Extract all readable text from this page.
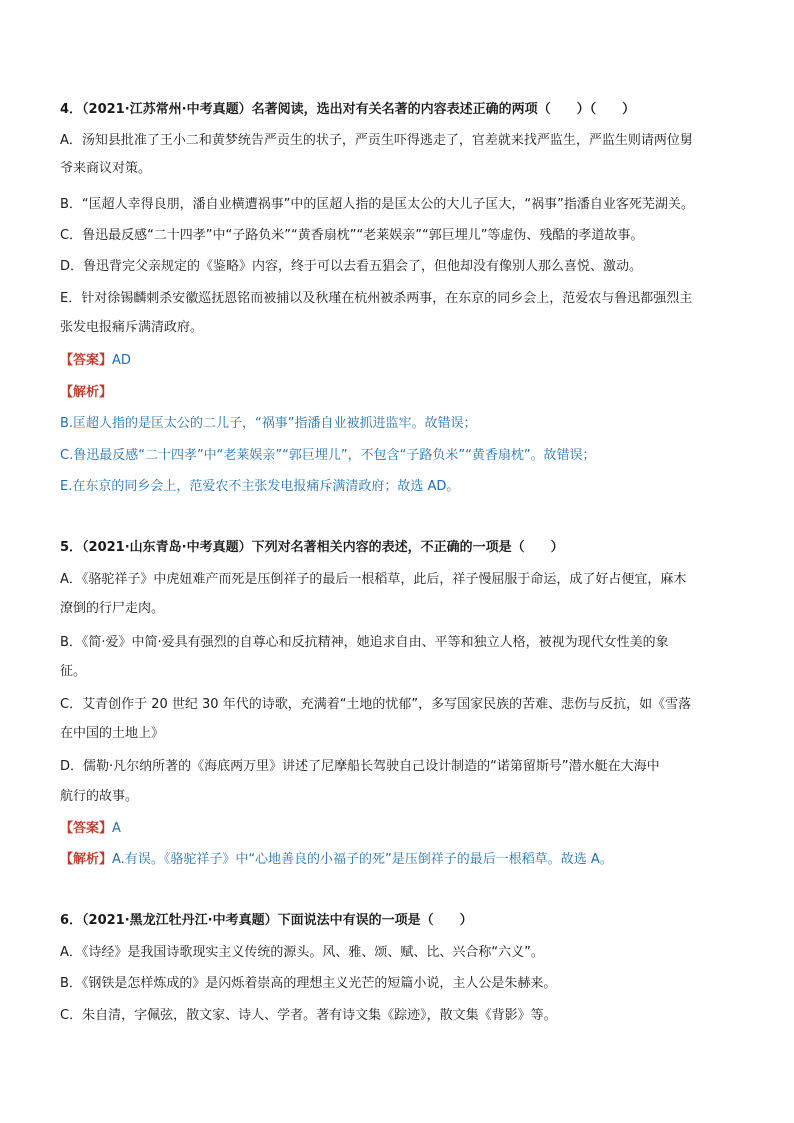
4．（2021·江苏常州·中考真题）名著阅读，选出对有关名著的内容表述正确的两项（　　）（　　）
A．汤知县批准了王小二和黄梦统告严贡生的状子，严贡生吓得逃走了，官差就来找严监生，严监生则请两位舅
爷来商议对策。
B．“匡超人幸得良朋，潘自业横遭祸事”中的匡超人指的是匡太公的大儿子匡大，“祸事”指潘自业客死芜湖关。
C．鲁迅最反感“二十四孝”中“子路负米”“黄香扇枕”“老莱娱亲”“郭巨埋儿”等虚伪、残酷的孝道故事。
D．鲁迅背完父亲规定的《鉴略》内容，终于可以去看五猖会了，但他却没有像别人那么喜悦、激动。
E．针对徐锡麟刺杀安徽巡抚恩铭而被捕以及秋瑾在杭州被杀两事，在东京的同乡会上，范爱农与鲁迅都强烈主
张发电报痛斥满清政府。
【答案】AD
【解析】
B.匡超人指的是匡太公的二儿子，“祸事”指潘自业被抓进监牢。故错误；
C.鲁迅最反感“二十四孝”中“老莱娱亲”“郭巨埋儿”，不包含“子路负米”“黄香扇枕”。故错误；
E.在东京的同乡会上，范爱农不主张发电报痛斥满清政府；故选 AD。
5．（2021·山东青岛·中考真题）下列对名著相关内容的表述，不正确的一项是（　　）
A．《骆驼祥子》中虎妞难产而死是压倒祥子的最后一根稻草，此后，祥子慢屈服于命运，成了好占便宜，麻木
潦倒的行尸走肉。
B．《简·爱》中简·爱具有强烈的自尊心和反抗精神，她追求自由、平等和独立人格，被视为现代女性美的象
征。
C．艾青创作于 20 世纪 30 年代的诗歌，充满着“土地的忧郁”，多写国家民族的苦难、悲伤与反抗，如《雪落
在中国的土地上》
D．儒勒·凡尔纳所著的《海底两万里》讲述了尼摩船长驾驶自己设计制造的“诺第留斯号”潜水艇在大海中
航行的故事。
【答案】A
【解析】A.有误。《骆驼祥子》中“心地善良的小福子的死”是压倒祥子的最后一根稻草。故选 A。
6．（2021·黑龙江牡丹江·中考真题）下面说法中有误的一项是（　　）
A．《诗经》是我国诗歌现实主义传统的源头。风、雅、颂、赋、比、兴合称“六义”。
B．《钢铁是怎样炼成的》是闪烁着崇高的理想主义光芒的短篇小说，主人公是朱赫来。
C．朱自清，字佩弦，散文家、诗人、学者。著有诗文集《踪迹》，散文集《背影》等。
